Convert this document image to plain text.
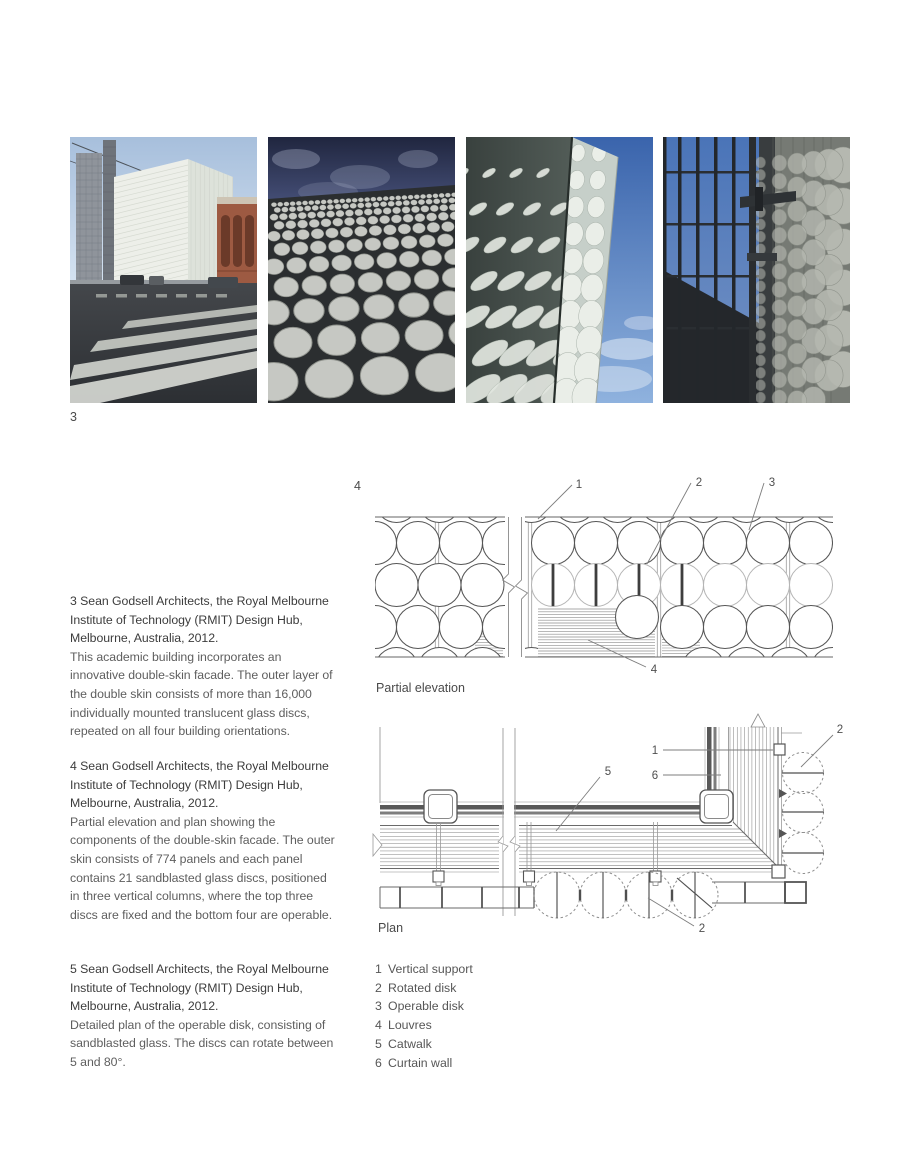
3
3 Sean Godsell Architects, the Royal Melbourne Institute of Technology (RMIT) Design Hub, Melbourne, Australia, 2012.
This academic building incorporates an innovative double-skin facade. The outer layer of the double skin consists of more than 16,000 individually mounted translucent glass discs, repeated on all four building orientations.
4 Sean Godsell Architects, the Royal Melbourne Institute of Technology (RMIT) Design Hub, Melbourne, Australia, 2012.
Partial elevation and plan showing the components of the double-skin facade. The outer skin consists of 774 panels and each panel contains 21 sandblasted glass discs, positioned in three vertical columns, where the top three discs are fixed and the bottom four are operable.
5 Sean Godsell Architects, the Royal Melbourne Institute of Technology (RMIT) Design Hub, Melbourne, Australia, 2012.
Detailed plan of the operable disk, consisting of sandblasted glass. The discs can rotate between 5 and 80°.
4	1	2	3
4
Partial elevation
1
6
5
2
2
Plan
1 Vertical support
2 Rotated disk
3 Operable disk
4 Louvres
5 Catwalk
6 Curtain wall
